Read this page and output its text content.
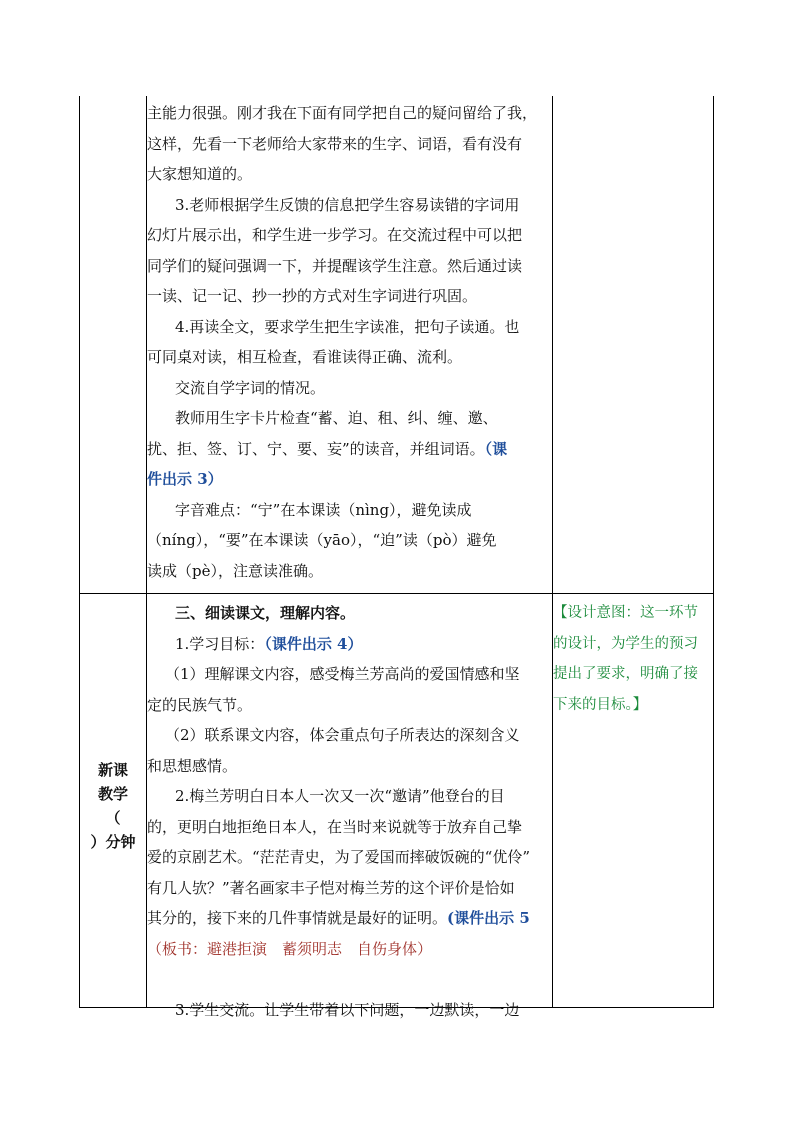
主能力很强。刚才我在下面有同学把自己的疑问留给了我，

这样，先看一下老师给大家带来的生字、词语，看有没有

大家想知道的。

3.老师根据学生反馈的信息把学生容易读错的字词用

幻灯片展示出，和学生进一步学习。在交流过程中可以把

同学们的疑问强调一下，并提醒该学生注意。然后通过读

一读、记一记、抄一抄的方式对生字词进行巩固。

4.再读全文，要求学生把生字读准，把句子读通。也

可同桌对读，相互检查，看谁读得正确、流利。

交流自学字词的情况。

教师用生字卡片检查“蓄、迫、租、纠、缠、邀、

扰、拒、签、订、宁、要、妄”的读音，并组词语。（课

件出示 3）

字音难点：“宁”在本课读（nìng），避免读成

（níng），“要”在本课读（yāo），“迫”读（pò）避免

读成（pè），注意读准确。

新课
教学
（
）分钟

三、细读课文，理解内容。

1.学习目标：（课件出示 4）

（1）理解课文内容，感受梅兰芳高尚的爱国情感和坚

定的民族气节。

（2）联系课文内容，体会重点句子所表达的深刻含义

和思想感情。

2.梅兰芳明白日本人一次又一次“邀请”他登台的目

的，更明白地拒绝日本人，在当时来说就等于放弃自己挚

爱的京剧艺术。“茫茫青史，为了爱国而摔破饭碗的“优伶”

有几人欤？”著名画家丰子恺对梅兰芳的这个评价是恰如

其分的，接下来的几件事情就是最好的证明。(课件出示 5

（板书：避港拒演　蓄须明志　自伤身体）

3.学生交流。让学生带着以下问题，一边默读，一边

【设计意图：这一环节

的设计，为学生的预习

提出了要求，明确了接

下来的目标。】
